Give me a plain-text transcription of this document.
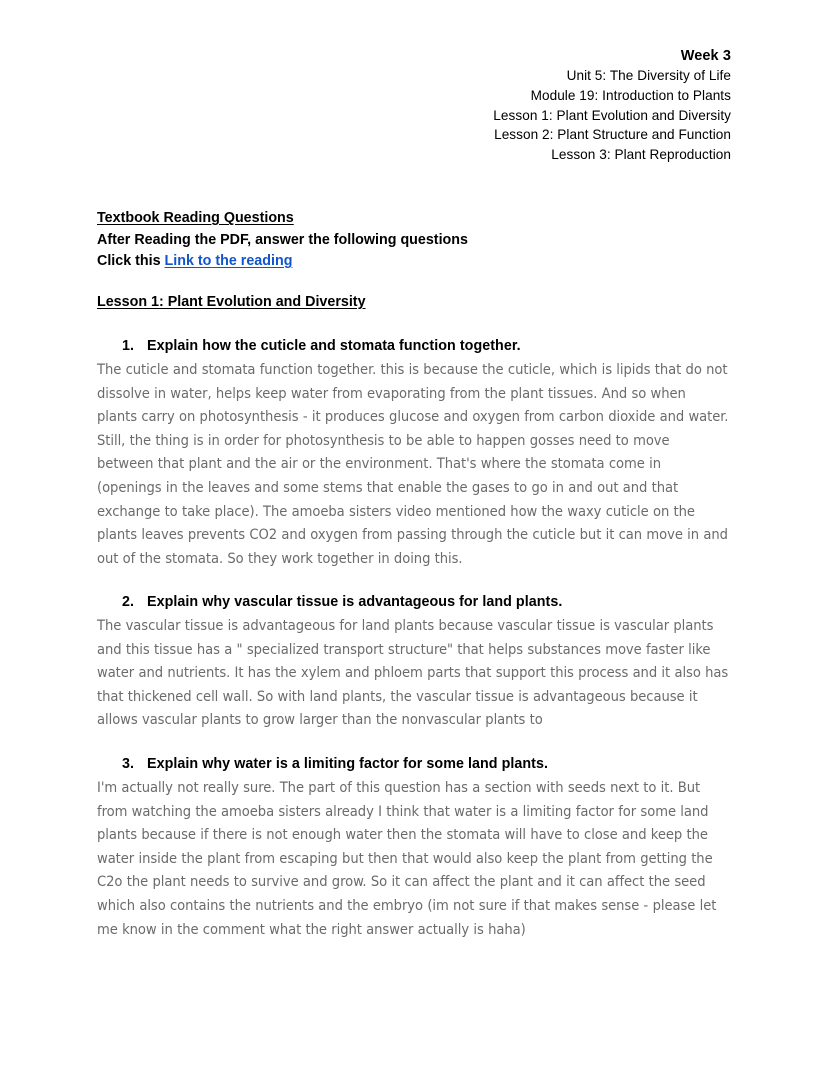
Week 3
Unit 5: The Diversity of Life
Module 19: Introduction to Plants
Lesson 1: Plant Evolution and Diversity
Lesson 2: Plant Structure and Function
Lesson 3: Plant Reproduction
Textbook Reading Questions
After Reading the PDF, answer the following questions
Click this Link to the reading
Lesson 1: Plant Evolution and Diversity
1. Explain how the cuticle and stomata function together.
The cuticle and stomata function together. this is because the cuticle, which is lipids that do not dissolve in water, helps keep water from evaporating from the plant tissues. And so when plants carry on photosynthesis - it produces glucose and oxygen from carbon dioxide and water. Still, the thing is in order for photosynthesis to be able to happen gosses need to move between that plant and the air or the environment. That's where the stomata come in (openings in the leaves and some stems that enable the gases to go in and out and that exchange to take place). The amoeba sisters video mentioned how the waxy cuticle on the plants leaves prevents CO2 and oxygen from passing through the cuticle but it can move in and out of the stomata. So they work together in doing this.
2. Explain why vascular tissue is advantageous for land plants.
The vascular tissue is advantageous for land plants because vascular tissue is vascular plants and this tissue has a " specialized transport structure" that helps substances move faster like water and nutrients. It has the xylem and phloem parts that support this process and it also has that thickened cell wall. So with land plants, the vascular tissue is advantageous because it allows vascular plants to grow larger than the nonvascular plants to
3. Explain why water is a limiting factor for some land plants.
I'm actually not really sure. The part of this question has a section with seeds next to it. But from watching the amoeba sisters already I think that water is a limiting factor for some land plants because if there is not enough water then the stomata will have to close and keep the water inside the plant from escaping but then that would also keep the plant from getting the C2o the plant needs to survive and grow. So it can affect the plant and it can affect the seed which also contains the nutrients and the embryo (im not sure if that makes sense - please let me know in the comment what the right answer actually is haha)
